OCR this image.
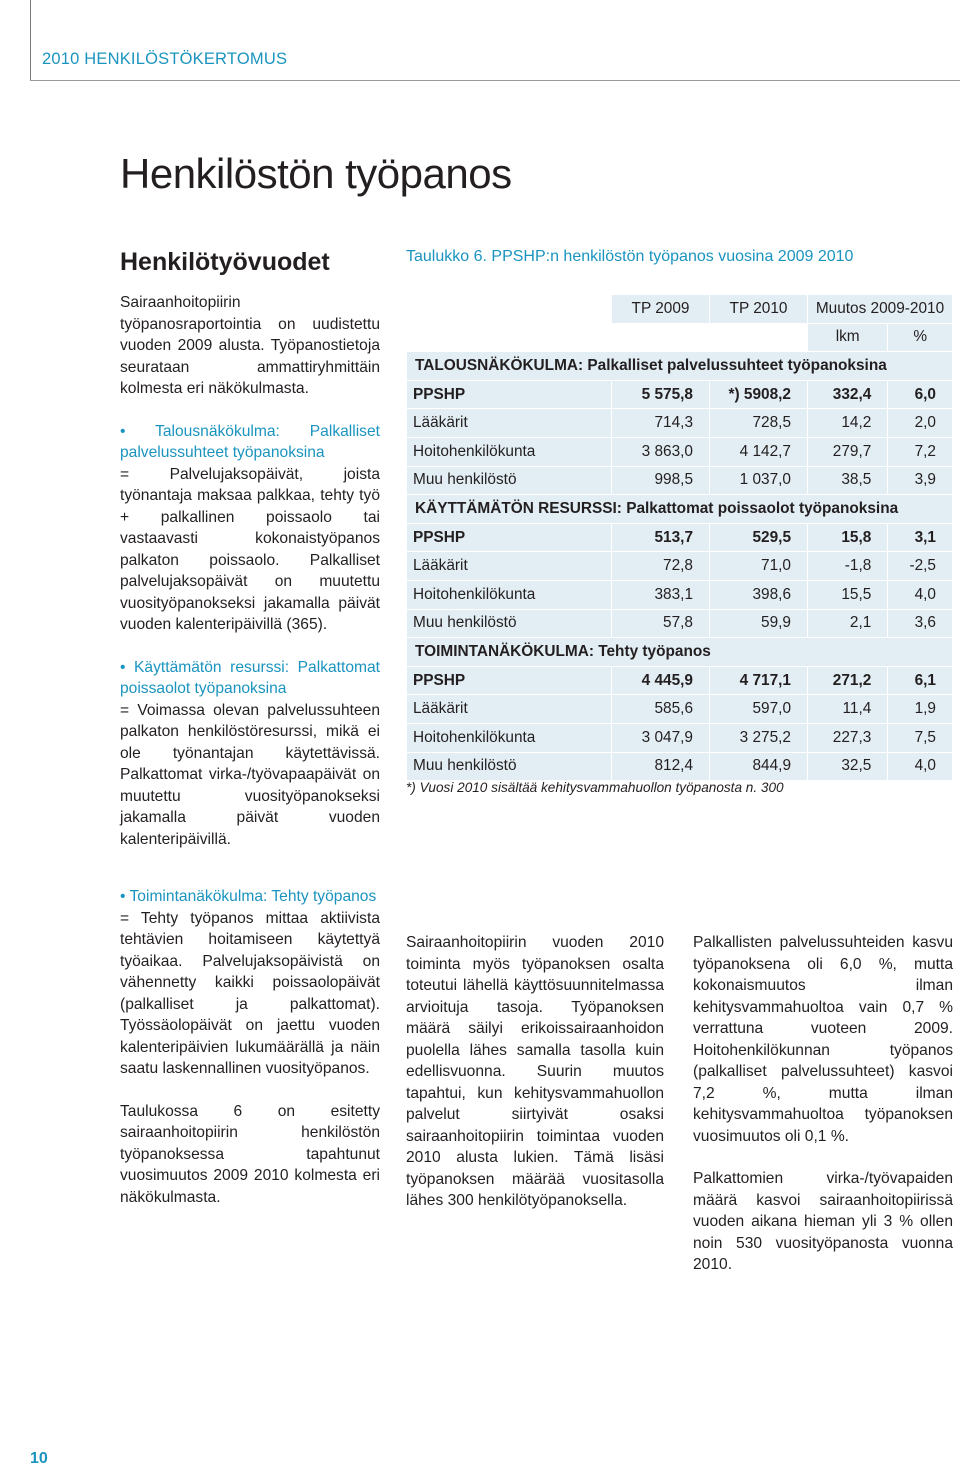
2010 HENKILÖSTÖKERTOMUS
Henkilöstön työpanos
Henkilötyövuodet

Sairaanhoitopiirin työpanosraportointia on uudistettu vuoden 2009 alusta. Työpanostietoja seurataan ammattiryhmittäin kolmesta eri näkökulmasta.

• Talousnäkökulma: Palkalliset palvelussuhteet työpanoksina
= Palvelujaksopäivät, joista työnantaja maksaa palkkaa, tehty työ + palkallinen poissaolo tai vastaavasti kokonaistyöpanos palkaton poissaolo. Palkalliset palvelujaksopäivät on muutettu vuosityöpanokseksi jakamalla päivät vuoden kalenteripäivillä (365).

• Käyttämätön resurssi: Palkattomat poissaolot työpanoksina
= Voimassa olevan palvelussuhteen palkaton henkilöstöresurssi, mikä ei ole työnantajan käytettävissä. Palkattomat virka-/työvapaapäivät on muutettu vuosityöpanokseksi jakamalla päivät vuoden kalenteripäivillä.

• Toimintanäkökulma: Tehty työpanos
= Tehty työpanos mittaa aktiivista tehtävien hoitamiseen käytettyä työaikaa. Palvelujaksopäivistä on vähennetty kaikki poissaolopäivät (palkalliset ja palkattomat). Työssäolopäivät on jaettu vuoden kalenteripäivien lukumäärällä ja näin saatu laskennallinen vuosityöpanos.

Taulukossa 6 on esitetty sairaanhoitopiirin henkilöstön työpanoksessa tapahtunut vuosimuutos 2009 2010 kolmesta eri näkökulmasta.

Taulukko 6. PPSHP:n henkilöstön työpanos vuosina 2009 2010
	TP 2009	TP 2010	Muutos 2009-2010	
			lkm	%
TALOUSNÄKÖKULMA: Palkalliset palvelussuhteet työpanoksina				
PPSHP	5 575,8	*) 5908,2	332,4	6,0
Lääkärit	714,3	728,5	14,2	2,0
Hoitohenkilökunta	3 863,0	4 142,7	279,7	7,2
Muu henkilöstö	998,5	1 037,0	38,5	3,9
KÄYTTÄMÄTÖN RESURSSI: Palkattomat poissaolot työpanoksina				
PPSHP	513,7	529,5	15,8	3,1
Lääkärit	72,8	71,0	-1,8	-2,5
Hoitohenkilökunta	383,1	398,6	15,5	4,0
Muu henkilöstö	57,8	59,9	2,1	3,6
TOIMINTANÄKÖKULMA: Tehty työpanos				
PPSHP	4 445,9	4 717,1	271,2	6,1
Lääkärit	585,6	597,0	11,4	1,9
Hoitohenkilökunta	3 047,9	3 275,2	227,3	7,5
Muu henkilöstö	812,4	844,9	32,5	4,0
*) Vuosi 2010 sisältää kehitysvammahuollon työpanosta n. 300

Sairaanhoitopiirin vuoden 2010 toiminta myös työpanoksen osalta toteutui lähellä käyttösuunnitelmassa arvioituja tasoja. Työpanoksen määrä säilyi erikoissairaanhoidon puolella lähes samalla tasolla kuin edellisvuonna. Suurin muutos tapahtui, kun kehitysvammahuollon palvelut siirtyivät osaksi sairaanhoitopiirin toimintaa vuoden 2010 alusta lukien. Tämä lisäsi työpanoksen määrää vuositasolla lähes 300 henkilötyöpanoksella.

Palkallisten palvelussuhteiden kasvu työpanoksena oli 6,0 %, mutta kokonaismuutos ilman kehitysvammahuoltoa vain 0,7 % verrattuna vuoteen 2009. Hoitohenkilökunnan työpanos (palkalliset palvelussuhteet) kasvoi 7,2 %, mutta ilman kehitysvammahuoltoa työpanoksen vuosimuutos oli 0,1 %.

Palkattomien virka-/työvapaiden määrä kasvoi sairaanhoitopiirissä vuoden aikana hieman yli 3 % ollen noin 530 vuosityöpanosta vuonna 2010.

10
